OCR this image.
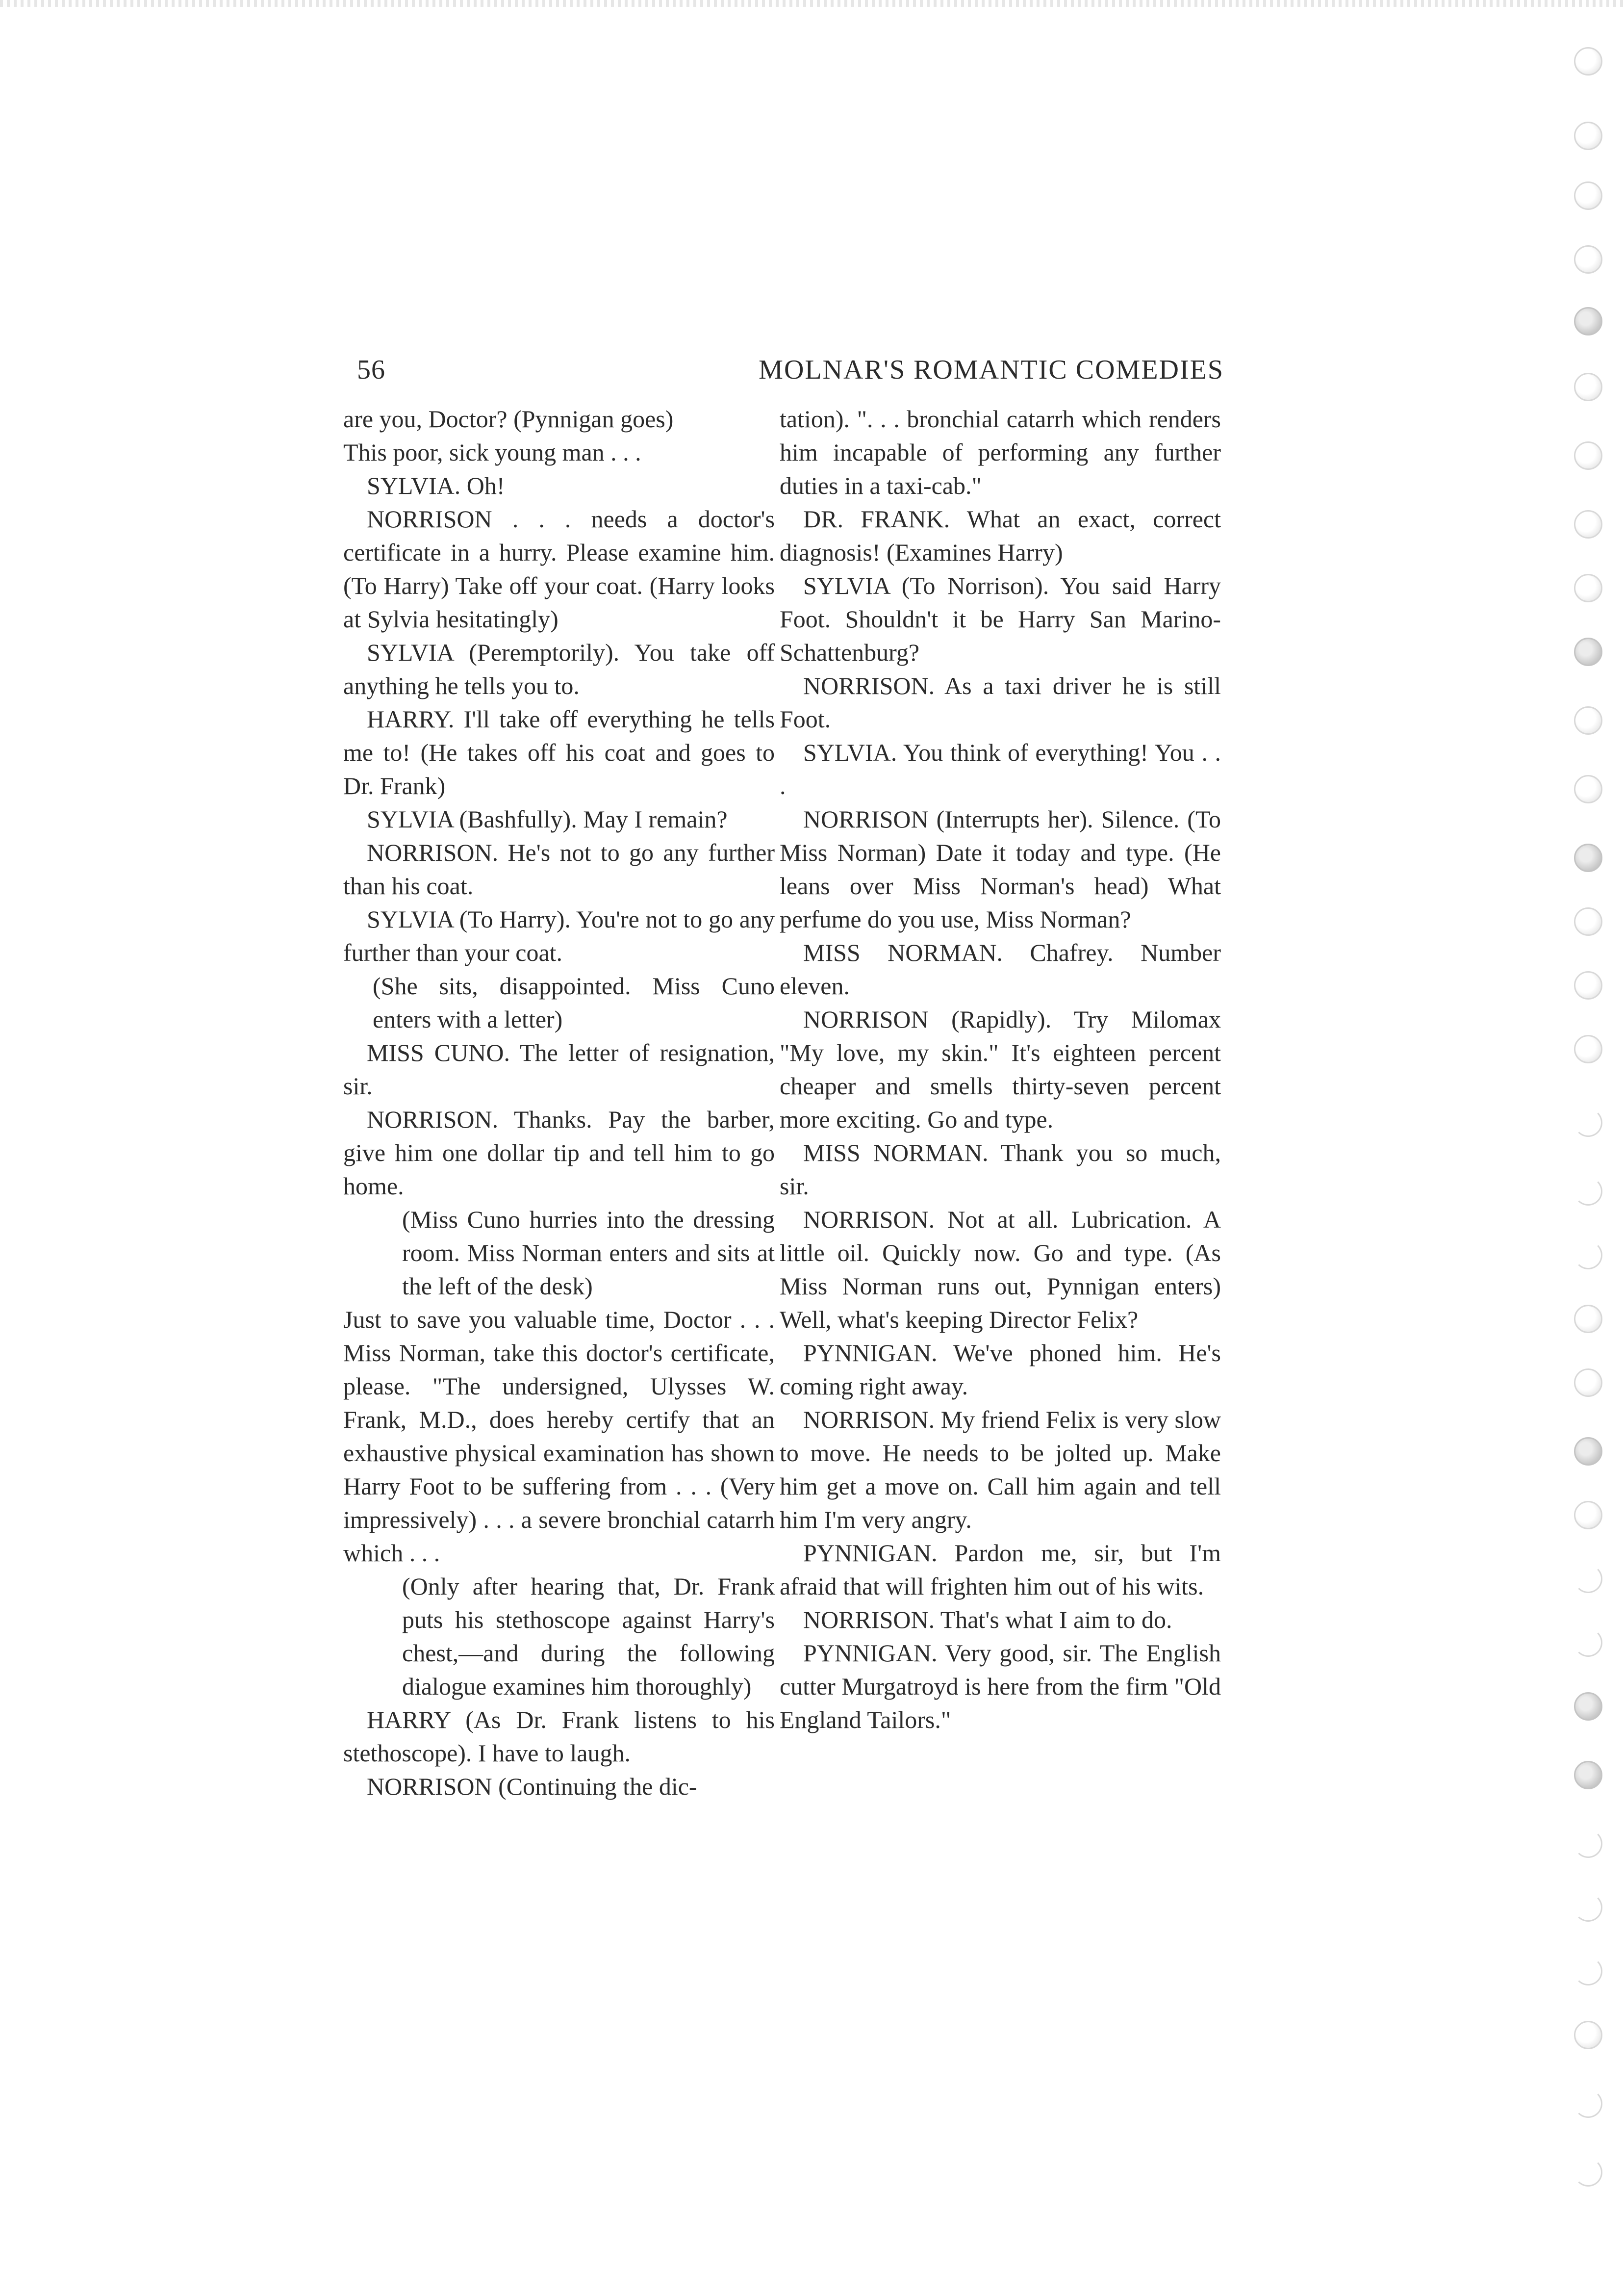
56	MOLNAR'S ROMANTIC COMEDIES

are you, Doctor? (Pynnigan goes)

This poor, sick young man . . .

SYLVIA. Oh!

NORRISON . . . needs a doctor's certificate in a hurry. Please examine him. (To Harry) Take off your coat. (Harry looks at Sylvia hesitatingly)

SYLVIA (Peremptorily). You take off anything he tells you to.

HARRY. I'll take off everything he tells me to! (He takes off his coat and goes to Dr. Frank)

SYLVIA (Bashfully). May I remain?

NORRISON. He's not to go any further than his coat.

SYLVIA (To Harry). You're not to go any further than your coat.

(She sits, disappointed. Miss Cuno enters with a letter)

MISS CUNO. The letter of resignation, sir.

NORRISON. Thanks. Pay the barber, give him one dollar tip and tell him to go home.

(Miss Cuno hurries into the dressing room. Miss Norman enters and sits at the left of the desk)

Just to save you valuable time, Doctor . . . Miss Norman, take this doctor's certificate, please. "The undersigned, Ulysses W. Frank, M.D., does hereby certify that an exhaustive physical examination has shown Harry Foot to be suffering from . . . (Very impressively) . . . a severe bronchial catarrh which . . .

(Only after hearing that, Dr. Frank puts his stethoscope against Harry's chest,—and during the following dialogue examines him thoroughly)

HARRY (As Dr. Frank listens to his stethoscope). I have to laugh.

NORRISON (Continuing the dic-

tation). ". . . bronchial catarrh which renders him incapable of performing any further duties in a taxi-cab."

DR. FRANK. What an exact, correct diagnosis! (Examines Harry)

SYLVIA (To Norrison). You said Harry Foot. Shouldn't it be Harry San Marino-Schattenburg?

NORRISON. As a taxi driver he is still Foot.

SYLVIA. You think of everything! You . . .

NORRISON (Interrupts her). Silence. (To Miss Norman) Date it today and type. (He leans over Miss Norman's head) What perfume do you use, Miss Norman?

MISS NORMAN. Chafrey. Number eleven.

NORRISON (Rapidly). Try Milomax "My love, my skin." It's eighteen percent cheaper and smells thirty-seven percent more exciting. Go and type.

MISS NORMAN. Thank you so much, sir.

NORRISON. Not at all. Lubrication. A little oil. Quickly now. Go and type. (As Miss Norman runs out, Pynnigan enters) Well, what's keeping Director Felix?

PYNNIGAN. We've phoned him. He's coming right away.

NORRISON. My friend Felix is very slow to move. He needs to be jolted up. Make him get a move on. Call him again and tell him I'm very angry.

PYNNIGAN. Pardon me, sir, but I'm afraid that will frighten him out of his wits.

NORRISON. That's what I aim to do.

PYNNIGAN. Very good, sir. The English cutter Murgatroyd is here from the firm "Old England Tailors."
